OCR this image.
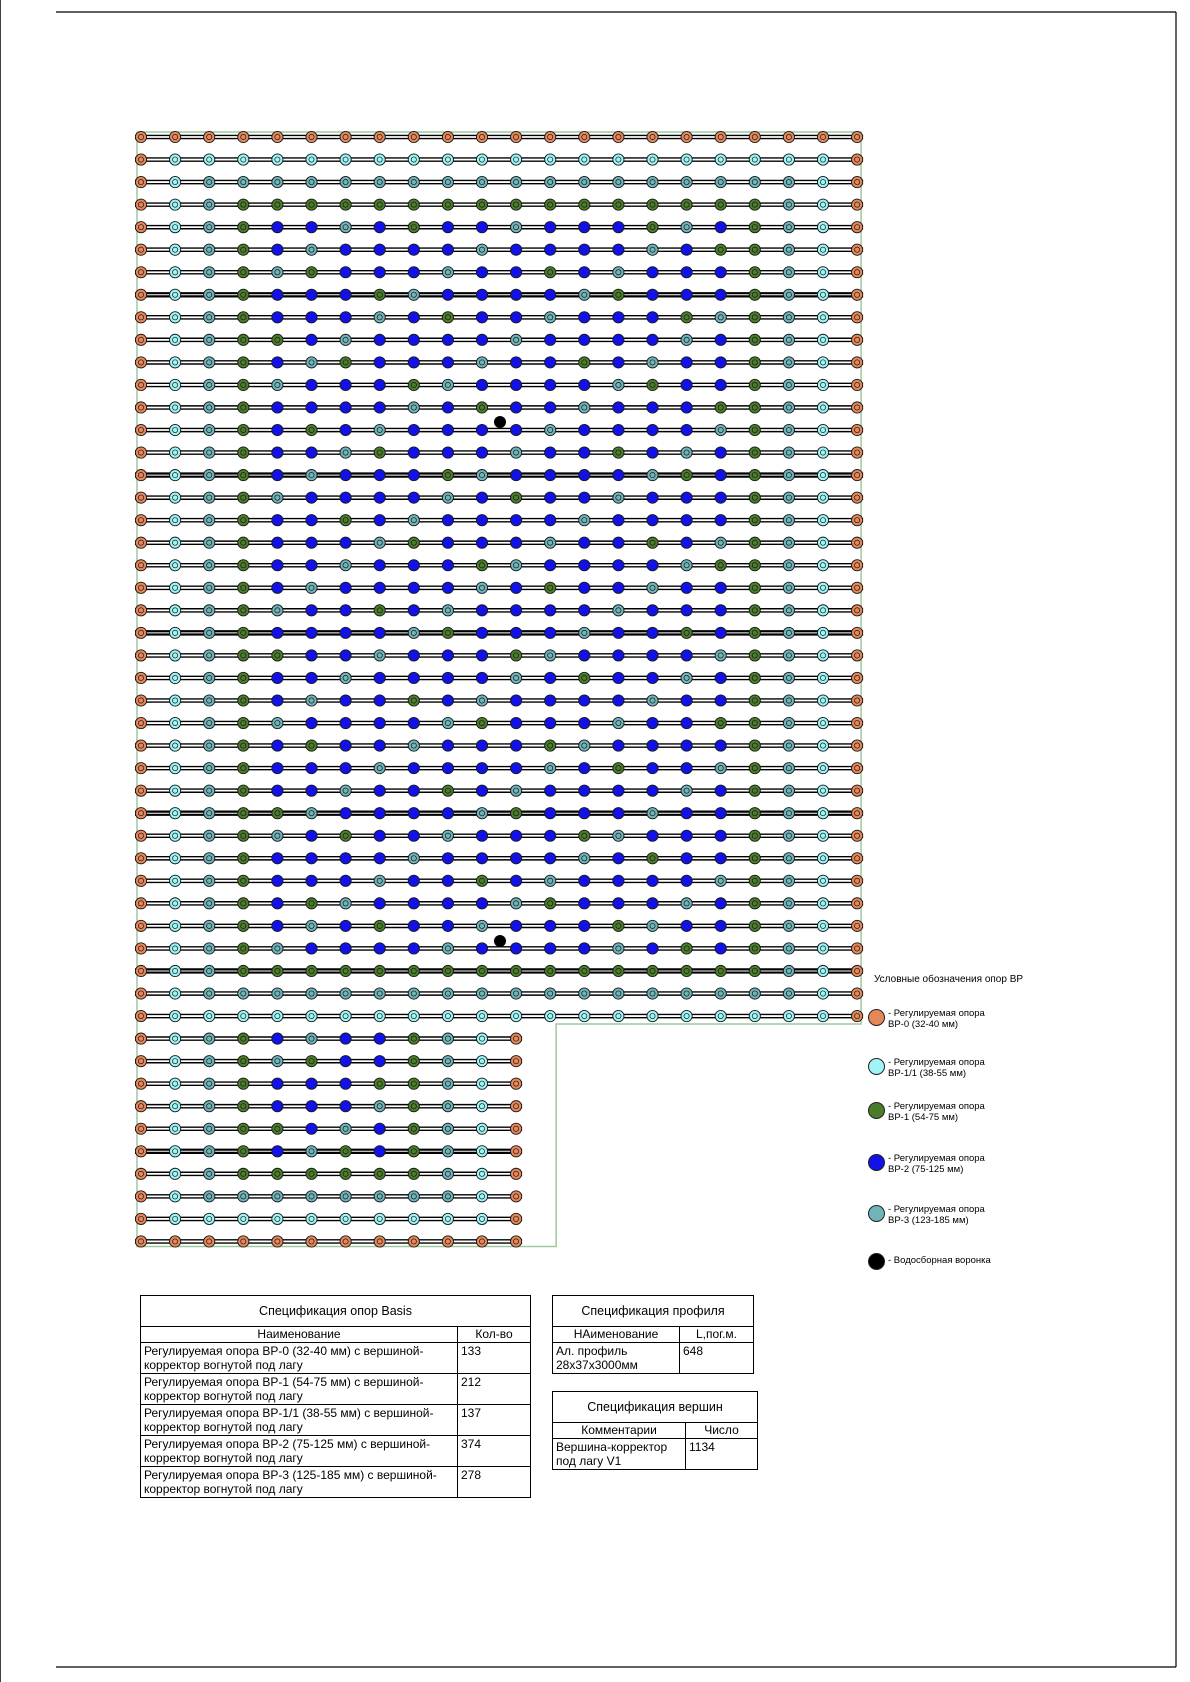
Условные обозначения опор ВР
- Регулируемая опора
ВР-0 (32-40 мм)
- Регулируемая опора
ВР-1/1 (38-55 мм)
- Регулируемая опора
ВР-1 (54-75 мм)
- Регулируемая опора
ВР-2 (75-125 мм)
- Регулируемая опора
ВР-3 (123-185 мм)
- Водосборная воронка
Спецификация опор Basis	
Наименование	Кол-во
Регулируемая опора ВР-0 (32-40 мм) с вершиной-корректор вогнутой под лагу	133
Регулируемая опора ВР-1 (54-75 мм) с вершиной-корректор вогнутой под лагу	212
Регулируемая опора ВР-1/1 (38-55 мм) с вершиной-корректор вогнутой под лагу	137
Регулируемая опора ВР-2 (75-125 мм) с вершиной-корректор вогнутой под лагу	374
Регулируемая опора ВР-3 (125-185 мм) с вершиной-корректор вогнутой под лагу	278
Спецификация профиля	
НАименование	L,пог.м.
Ал. профиль 28x37x3000мм	648
Спецификация вершин	
Комментарии	Число
Вершина-корректор под лагу V1	1134
